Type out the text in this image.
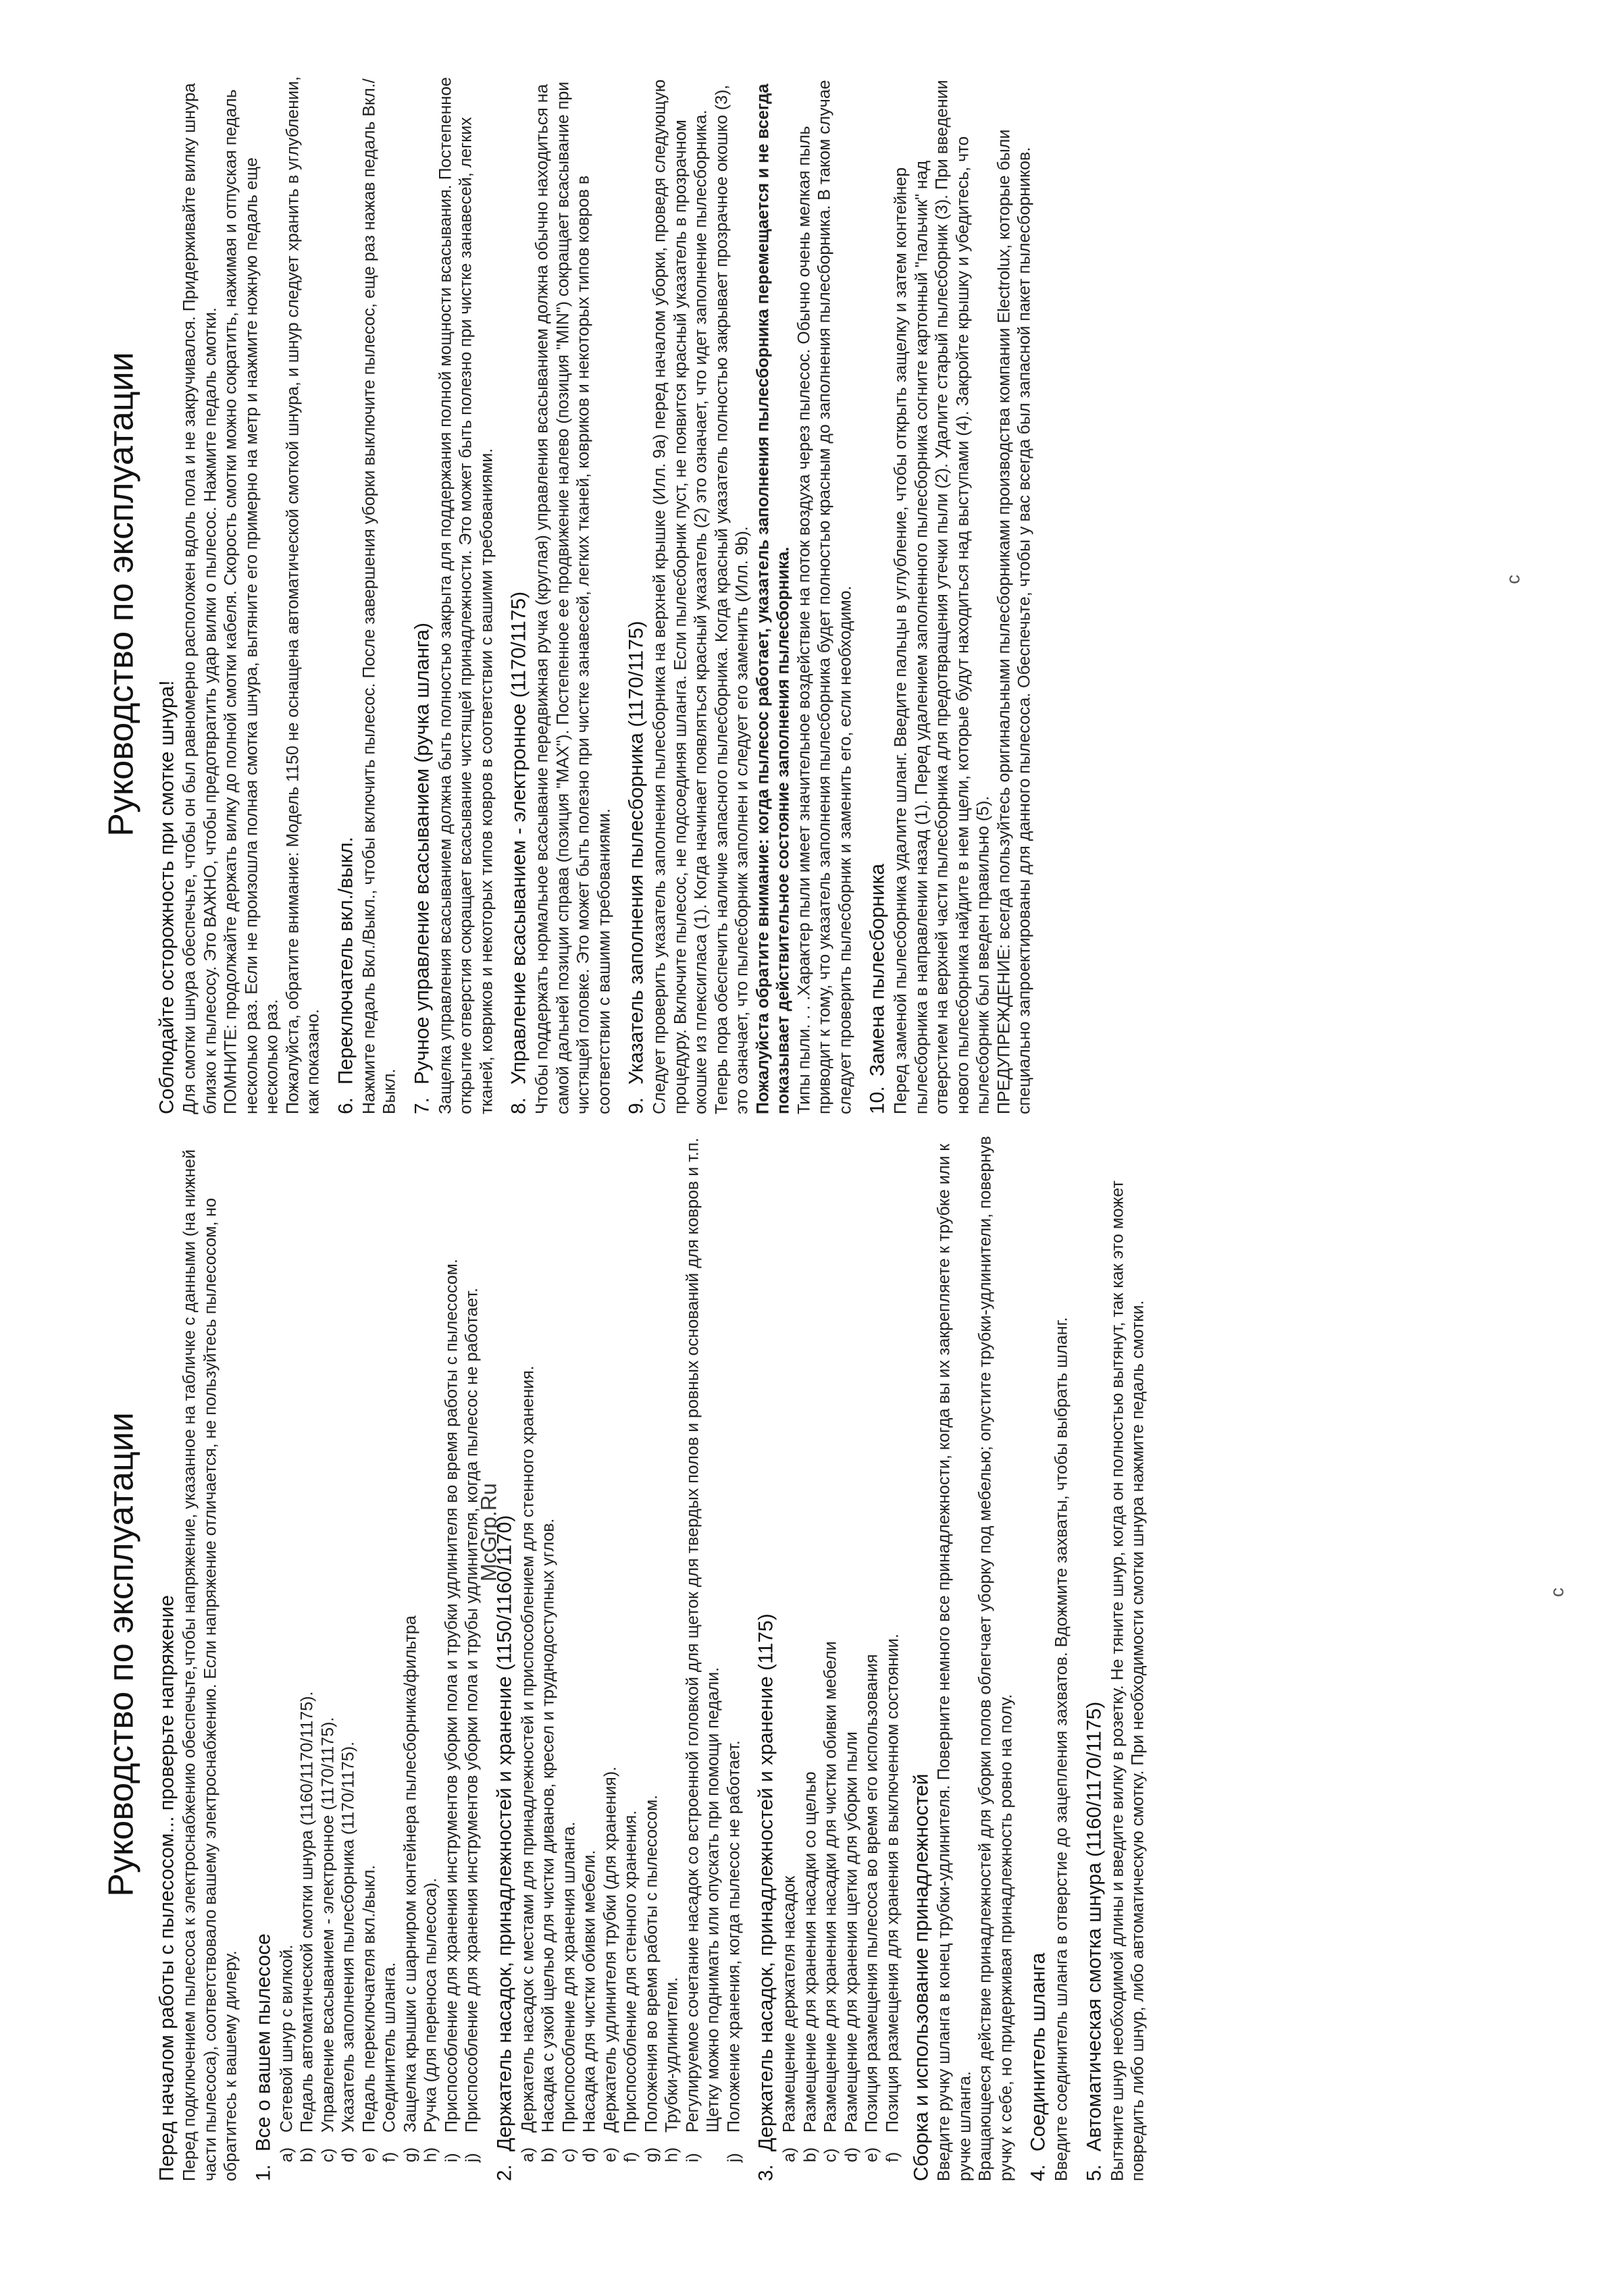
McGrp.Ru
c
c
Руководство по эксплуатации Перед началом работы с пылесосом... проверьте напряжение Перед подключением пылесоса к электроснабжению обеспечьте,чтобы напряжение, указанное на табличке с данными (на нижней части пылесоса), соответствовало вашему электроснабжению. Если напряжение отличается, не пользуйтесь пылесосом, но обратитесь к вашему дилеру. 1.Все о вашем пылесосе
a)
Сетевой шнур с вилкой.
b)
Педаль автоматической смотки шнура (1160/1170/1175).
c)
Управление всасыванием - электронное (1170/1175).
d)
Указатель заполнения пылесборника (1170/1175).
e)
Педаль переключателя вкл./выкл.
f)
Соединитель шланга.
g)
Защелка крышки с шарниром контейнера пылесборника/фильтра
h)
Ручка (для переноса пылесоса).
i)
Приспособление для хранения инструментов уборки пола и трубки удлинителя во время работы с пылесосом.
j)
Приспособление для хранения инструментов уборки пола и трубы удлинителя, когда пылесос не работает.
2.Держатель насадок, принадлежностей и хранение (1150/1160/1170)
a)
Держатель насадок с местами для принадлежностей и приспособлением для стенного хранения.
b)
Насадка с узкой щелью для чистки диванов, кресел и труднодоступных углов.
c)
Приспособление для хранения шланга.
d)
Насадка для чистки обивки мебели.
e)
Держатель удлинителя трубки (для хранения).
f)
Приспособление для стенного хранения.
g)
Положения во время работы с пылесосом.
h)
Трубки-удлинители.
i)
Регулируемое сочетание насадок со встроенной головкой для щеток для твердых полов и ровных оснований для ковров и т.п. Щетку можно поднимать или опускать при помощи педали.
j)
Положение хранения, когда пылесос не работает.
3.Держатель насадок, принадлежностей и хранение (1175)
a)
Размещение держателя насадок
b)
Размещение для хранения насадки со щелью
c)
Размещение для хранения насадки для чистки обивки мебели
d)
Размещение для хранения щетки для уборки пыли
e)
Позиция размещения пылесоса во время его использования
f)
Позиция размещения для хранения в выключенном состоянии. Сборка и использование принадлежностей Введите ручку шланга в конец трубки-удлинителя. Поверните немного все принадлежности, когда вы их закрепляете к трубке или к ручке шланга. Вращающееся действие принадлежностей для уборки полов облегчает уборку под мебелью; опустите трубки-удлинители, повернув ручку к себе, но придерживая принадлежность ровно на полу. 4.Соединитель шланга Введите соединитель шланга в отверстие до зацепления захватов. Вдожмите захваты, чтобы выбрать шланг. 5.Автоматическая смотка шнура (1160/1170/1175) Вытяните шнур необходимой длины и введите вилку в розетку. Не тяните шнур, когда он полностью вытянут, так как это может повредить либо шнур, либо автоматическую смотку. При необходимости смотки шнура нажмите педаль смотки.

Руководство по эксплуатации
Соблюдайте осторожность при смотке шнура! Для смотки шнура обеспечьте, чтобы он был равномерно расположен вдоль пола и не закручивался. Придерживайте вилку шнура близко к пылесосу. Это ВАЖНО, чтобы предотвратить удар вилки о пылесос. Нажмите педаль смотки. ПОМНИТЕ: продолжайте держать вилку до полной смотки кабеля. Скорость смотки можно сократить, нажимая и отпуская педаль несколько раз. Если не произошла полная смотка шнура, вытяните его примерно на метр и нажмите ножную педаль еще несколько раз. Пожалуйста, обратите внимание: Модель 1150 не оснащена автоматической смоткой шнура, и шнур следует хранить в углублении, как показано. 6.Переключатель вкл./выкл. Нажмите педаль Вкл./Выкл., чтобы включить пылесос. После завершения уборки выключите пылесос, еще раз нажав педаль Вкл./Выкл. 7.Ручное управление всасыванием (ручка шланга) Защелка управления всасыванием должна быть полностью закрыта для поддержания полной мощности всасывания. Постепенное открытие отверстия сокращает всасывание чистящей принадлежности. Это может быть полезно при чистке занавесей, легких тканей, ковриков и некоторых типов ковров в соответствии с вашими требованиями. 8.Управление всасыванием - электронное (1170/1175) Чтобы поддержать нормальное всасывание передвижная ручка (круглая) управления всасыванием должна обычно находиться на самой дальней позиции справа (позиция "MAX"). Постепенное ее продвижение налево (позиция "MIN") сокращает всасывание при чистящей головке. Это может быть полезно при чистке занавесей, легких тканей, ковриков и некоторых типов ковров в соответствии с вашими требованиями. 9.Указатель заполнения пылесборника (1170/1175) Следует проверить указатель заполнения пылесборника на верхней крышке (Илл. 9а) перед началом уборки, проведя следующую процедуру. Включите пылесос, не подсоединяя шланга. Если пылесборник пуст, не появится красный указатель в прозрачном окошке из плексигласа (1). Когда начинает появляться красный указатель (2) это означает, что идет заполнение пылесборника. Теперь пора обеспечить наличие запасного пылесборника. Когда красный указатель полностью закрывает прозрачное окошко (3), это означает, что пылесборник заполнен и следует его заменить (Илл. 9b). Пожалуйста обратите внимание: когда пылесос работает, указатель заполнения пылесборника перемещается и не всегда показывает действительное состояние заполнения пылесборника. Типы пыли. . . .Характер пыли имеет значительное воздействие на поток воздуха через пылесос. Обычно очень мелкая пыль приводит к тому, что указатель заполнения пылесборника будет полностью красным до заполнения пылесборника. В таком случае следует проверить пылесборник и заменить его, если необходимо. 10.Замена пылесборника Перед заменой пылесборника удалите шланг. Введите пальцы в углубление, чтобы открыть защелку и затем контейнер пылесборника в направлении назад (1). Перед удалением заполненного пылесборника согните картонный "пальчик" над отверстием на верхней части пылесборника для предотвращения утечки пыли (2). Удалите старый пылесборник (3). При введении нового пылесборника найдите в нем щели, которые будут находиться над выступами (4). Закройте крышку и убедитесь, что пылесборник был введен правильно (5). ПРЕДУПРЕЖДЕНИЕ: всегда пользуйтесь оригинальными пылесборниками производства компании Electrolux, которые были специально запроектированы для данного пылесоса. Обеспечьте, чтобы у вас всегда был запасной пакет пылесборников.
